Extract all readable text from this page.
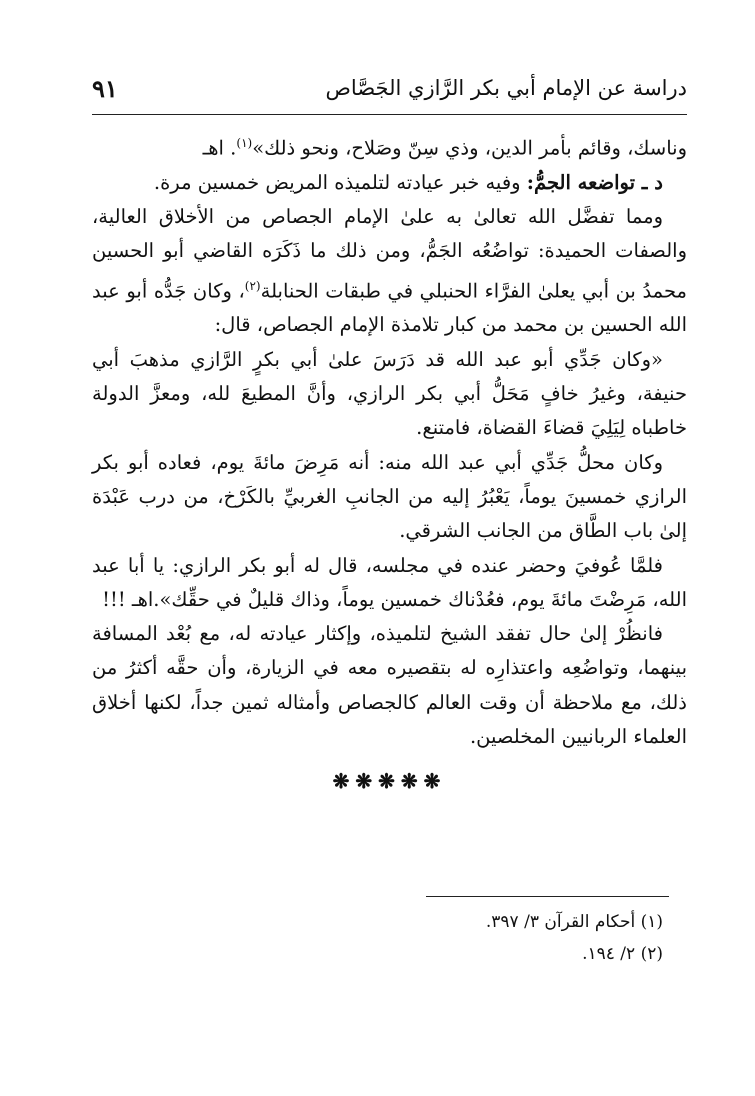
دراسة عن الإمام أبي بكر الرَّازي الجَصَّاص
٩١

وناسك، وقائم بأمر الدين، وذي سِنّ وصَلاح، ونحو ذلك»$^{(١)}$. اهـ

د ـ تواضعه الجمُّ: وفيه خبر عيادته لتلميذه المريض خمسين مرة.

ومما تفضَّل الله تعالىٰ به علىٰ الإمام الجصاص من الأخلاق العالية، والصفات الحميدة: تواضُعُه الجَمُّ، ومن ذلك ما ذَكَرَه القاضي أبو الحسين محمدُ بن أبي يعلىٰ الفرَّاء الحنبلي في طبقات الحنابلة$^{(٢)}$، وكان جَدُّه أبو عبد الله الحسين بن محمد من كبار تلامذة الإمام الجصاص، قال:

«وكان جَدِّي أبو عبد الله قد دَرَسَ علىٰ أبي بكرٍ الرَّازي مذهبَ أبي حنيفة، وغيرُ خافٍ مَحَلُّ أبي بكر الرازي، وأنَّ المطيعَ لله، ومعزَّ الدولة خاطباه لِيَلِيَ قضاءَ القضاة، فامتنع.

وكان محلُّ جَدِّي أبي عبد الله منه: أنه مَرِضَ مائةَ يوم، فعاده أبو بكر الرازي خمسينَ يوماً، يَعْبُرُ إليه من الجانبِ الغربيِّ بالكَرْخ، من درب عَبْدَة إلىٰ باب الطَّاق من الجانب الشرقي.

فلمَّا عُوفيَ وحضر عنده في مجلسه، قال له أبو بكر الرازي: يا أبا عبد الله، مَرِضْتَ مائةَ يوم، فعُدْناك خمسين يوماً، وذاك قليلٌ في حقِّك».اهـ !!!

فانظُرْ إلىٰ حال تفقد الشيخ لتلميذه، وإكثار عيادته له، مع بُعْد المسافة بينهما، وتواضُعِه واعتذارِه له بتقصيره معه في الزيارة، وأن حقَّه أكثرُ من ذلك، مع ملاحظة أن وقت العالم كالجصاص وأمثاله ثمين جداً، لكنها أخلاق العلماء الربانيين المخلصين.

❋❋❋❋❋
(١) أحكام القرآن ٣/ ٣٩٧.
(٢) ٢/ ١٩٤.
